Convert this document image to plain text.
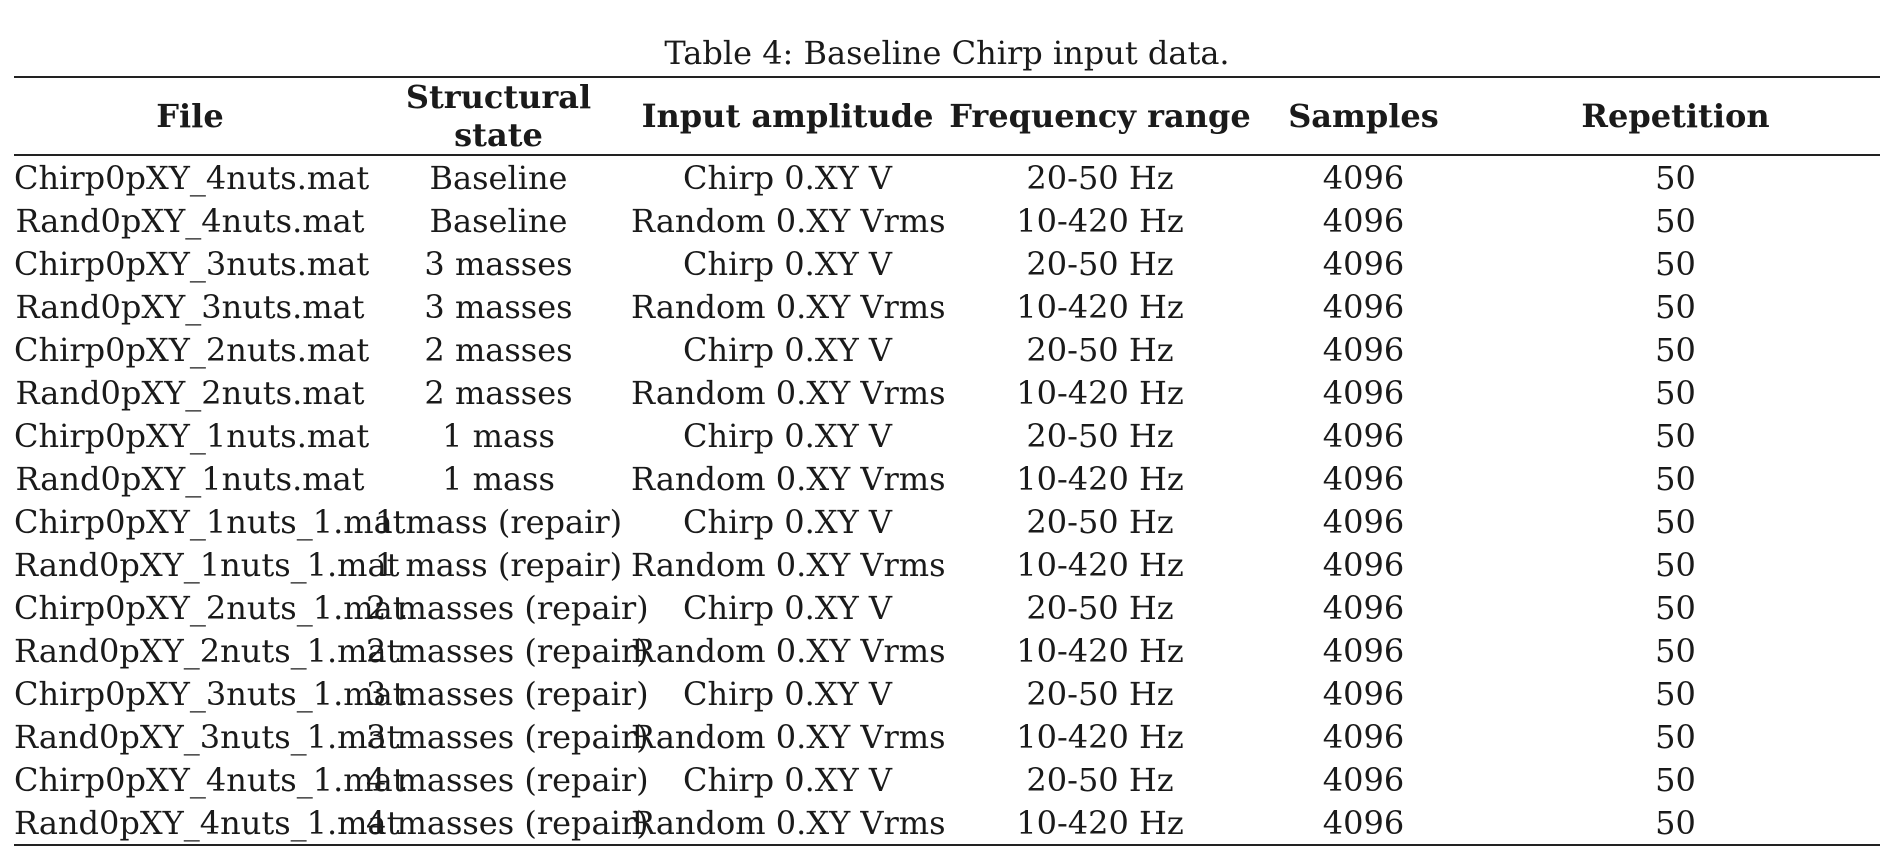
Table 4: Baseline Chirp input data.
File	Structural state	Input amplitude	Frequency range	Samples	Repetition
Chirp0pXY_4nuts.mat	Baseline	Chirp 0.XY V	20-50 Hz	4096	50
Rand0pXY_4nuts.mat	Baseline	Random 0.XY Vrms	10-420 Hz	4096	50
Chirp0pXY_3nuts.mat	3 masses	Chirp 0.XY V	20-50 Hz	4096	50
Rand0pXY_3nuts.mat	3 masses	Random 0.XY Vrms	10-420 Hz	4096	50
Chirp0pXY_2nuts.mat	2 masses	Chirp 0.XY V	20-50 Hz	4096	50
Rand0pXY_2nuts.mat	2 masses	Random 0.XY Vrms	10-420 Hz	4096	50
Chirp0pXY_1nuts.mat	1 mass	Chirp 0.XY V	20-50 Hz	4096	50
Rand0pXY_1nuts.mat	1 mass	Random 0.XY Vrms	10-420 Hz	4096	50
Chirp0pXY_1nuts_1.mat	1 mass (repair)	Chirp 0.XY V	20-50 Hz	4096	50
Rand0pXY_1nuts_1.mat	1 mass (repair)	Random 0.XY Vrms	10-420 Hz	4096	50
Chirp0pXY_2nuts_1.mat	2 masses (repair)	Chirp 0.XY V	20-50 Hz	4096	50
Rand0pXY_2nuts_1.mat	2 masses (repair)	Random 0.XY Vrms	10-420 Hz	4096	50
Chirp0pXY_3nuts_1.mat	3 masses (repair)	Chirp 0.XY V	20-50 Hz	4096	50
Rand0pXY_3nuts_1.mat	3 masses (repair)	Random 0.XY Vrms	10-420 Hz	4096	50
Chirp0pXY_4nuts_1.mat	4 masses (repair)	Chirp 0.XY V	20-50 Hz	4096	50
Rand0pXY_4nuts_1.mat	4 masses (repair)	Random 0.XY Vrms	10-420 Hz	4096	50
